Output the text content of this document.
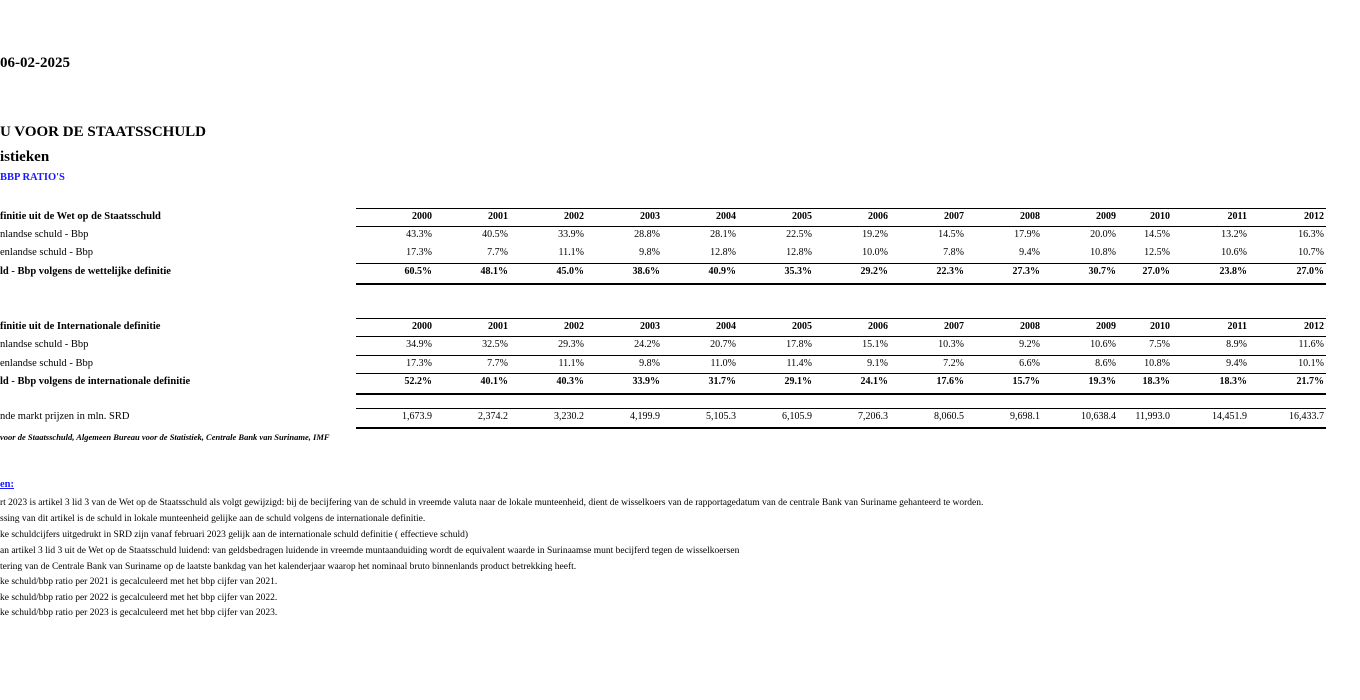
06-02-2025
U VOOR DE STAATSSCHULD
istieken
BBP RATIO'S
finitie uit de Wet op de Staatsschuld	2000	2001	2002	2003	2004	2005	2006	2007	2008	2009	2010	2011	2012
nlandse schuld - Bbp	43.3%	40.5%	33.9%	28.8%	28.1%	22.5%	19.2%	14.5%	17.9%	20.0%	14.5%	13.2%	16.3%
enlandse schuld - Bbp	17.3%	7.7%	11.1%	9.8%	12.8%	12.8%	10.0%	7.8%	9.4%	10.8%	12.5%	10.6%	10.7%
ld - Bbp volgens de wettelijke definitie	60.5%	48.1%	45.0%	38.6%	40.9%	35.3%	29.2%	22.3%	27.3%	30.7%	27.0%	23.8%	27.0%
finitie uit de Internationale definitie	2000	2001	2002	2003	2004	2005	2006	2007	2008	2009	2010	2011	2012
nlandse schuld - Bbp	34.9%	32.5%	29.3%	24.2%	20.7%	17.8%	15.1%	10.3%	9.2%	10.6%	7.5%	8.9%	11.6%
enlandse schuld - Bbp	17.3%	7.7%	11.1%	9.8%	11.0%	11.4%	9.1%	7.2%	6.6%	8.6%	10.8%	9.4%	10.1%
ld - Bbp volgens de internationale definitie	52.2%	40.1%	40.3%	33.9%	31.7%	29.1%	24.1%	17.6%	15.7%	19.3%	18.3%	18.3%	21.7%
nde markt prijzen in mln. SRD	1,673.9	2,374.2	3,230.2	4,199.9	5,105.3	6,105.9	7,206.3	8,060.5	9,698.1	10,638.4 11,993.0	14,451.9	16,433.7
voor de Staatsschuld, Algemeen Bureau voor de Statistiek, Centrale Bank van Suriname, IMF
en:
rt 2023 is artikel 3 lid 3 van de Wet op de Staatsschuld als volgt gewijzigd: bij de becijfering van de schuld in vreemde valuta naar de lokale munteenheid, dient de wisselkoers van de rapportagedatum van de centrale Bank van Suriname gehanteerd te worden.
ssing van dit artikel is de schuld in lokale munteenheid gelijke aan de schuld volgens de internationale definitie.
ke schuldcijfers uitgedrukt in SRD zijn vanaf februari 2023 gelijk aan de internationale schuld definitie ( effectieve schuld)
an artikel 3 lid 3 uit de Wet op de Staatsschuld luidend: van geldsbedragen luidende in vreemde muntaanduiding wordt de equivalent waarde in Surinaamse munt becijferd tegen de wisselkoersen
tering van de Centrale Bank van Suriname op de laatste bankdag van het kalenderjaar waarop het nominaal bruto binnenlands product betrekking heeft.
ke schuld/bbp ratio per 2021 is gecalculeerd met het bbp cijfer van 2021.
ke schuld/bbp ratio per 2022 is gecalculeerd met het bbp cijfer van 2022.
ke schuld/bbp ratio per 2023 is gecalculeerd met het bbp cijfer van 2023.
